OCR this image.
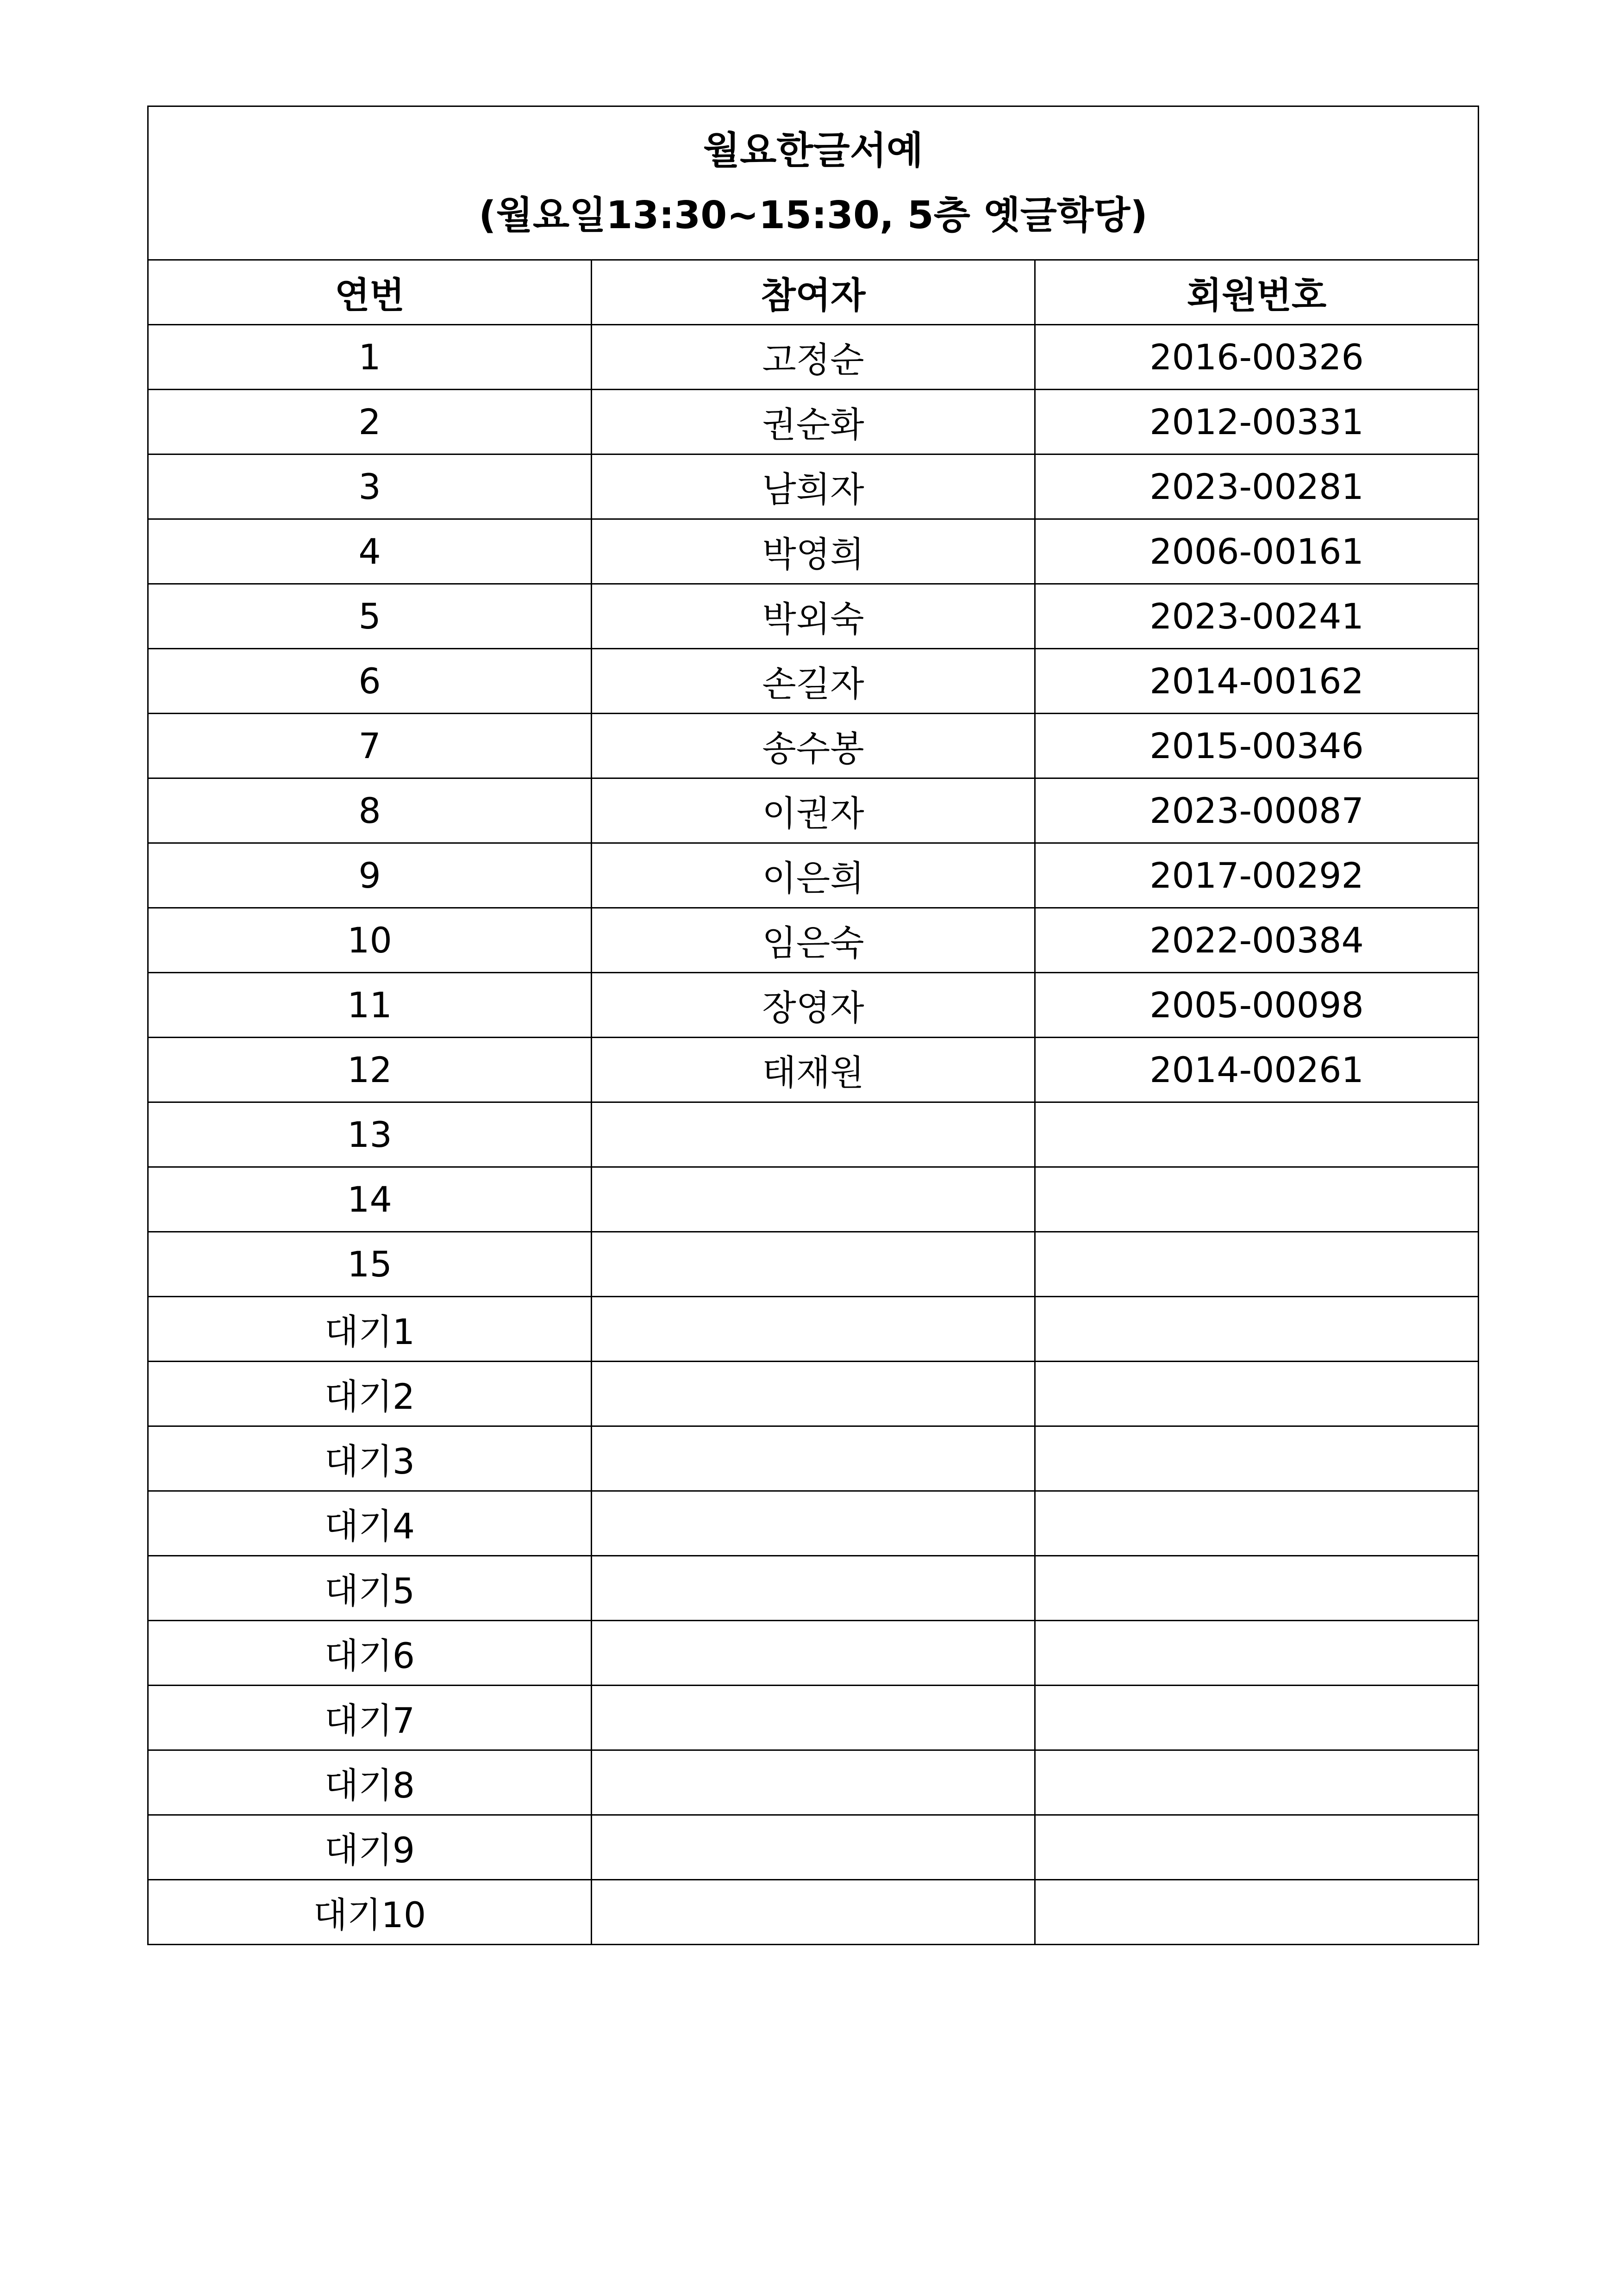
월요한글서예
(월요일13:30~15:30, 5층 옛글학당)		

연번	참여자	회원번호
1	고정순	2016-00326
2	권순화	2012-00331
3	남희자	2023-00281
4	박영희	2006-00161
5	박외숙	2023-00241
6	손길자	2014-00162
7	송수봉	2015-00346
8	이권자	2023-00087
9	이은희	2017-00292
10	임은숙	2022-00384
11	장영자	2005-00098
12	태재원	2014-00261
13		
14		
15		
대기1		
대기2		
대기3		
대기4		
대기5		
대기6		
대기7		
대기8		
대기9		
대기10		
